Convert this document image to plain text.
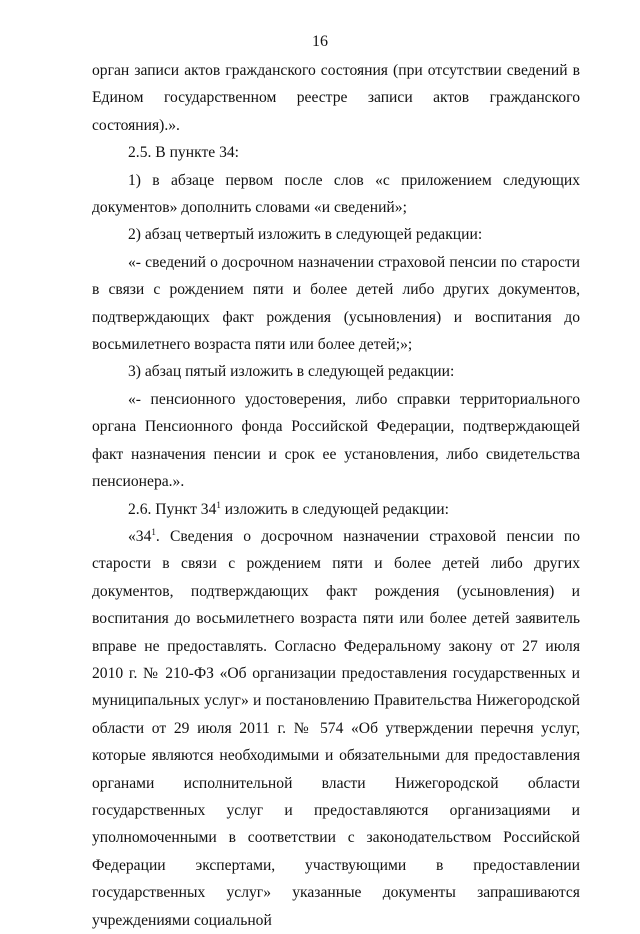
16

орган записи актов гражданского состояния (при отсутствии сведений в Едином государственном реестре записи актов гражданского состояния).».

2.5. В пункте 34:

1) в абзаце первом после слов «с приложением следующих документов» дополнить словами «и сведений»;

2) абзац четвертый изложить в следующей редакции:

«- сведений о досрочном назначении страховой пенсии по старости в связи с рождением пяти и более детей либо других документов, подтверждающих факт рождения (усыновления) и воспитания до восьмилетнего возраста пяти или более детей;»;

3) абзац пятый изложить в следующей редакции:

«- пенсионного удостоверения, либо справки территориального органа Пенсионного фонда Российской Федерации, подтверждающей факт назначения пенсии и срок ее установления, либо свидетельства пенсионера.».

2.6. Пункт $34^1$ изложить в следующей редакции:

«$34^1$. Сведения о досрочном назначении страховой пенсии по старости в связи с рождением пяти и более детей либо других документов, подтверждающих факт рождения (усыновления) и воспитания до восьмилетнего возраста пяти или более детей заявитель вправе не предоставлять. Согласно Федеральному закону от 27 июля 2010 г. № 210-ФЗ «Об организации предоставления государственных и муниципальных услуг» и постановлению Правительства Нижегородской области от 29 июля 2011 г. № 574 «Об утверждении перечня услуг, которые являются необходимыми и обязательными для предоставления органами исполнительной власти Нижегородской области государственных услуг и предоставляются организациями и уполномоченными в соответствии с законодательством Российской Федерации экспертами, участвующими в предоставлении государственных услуг» указанные документы запрашиваются учреждениями социальной
